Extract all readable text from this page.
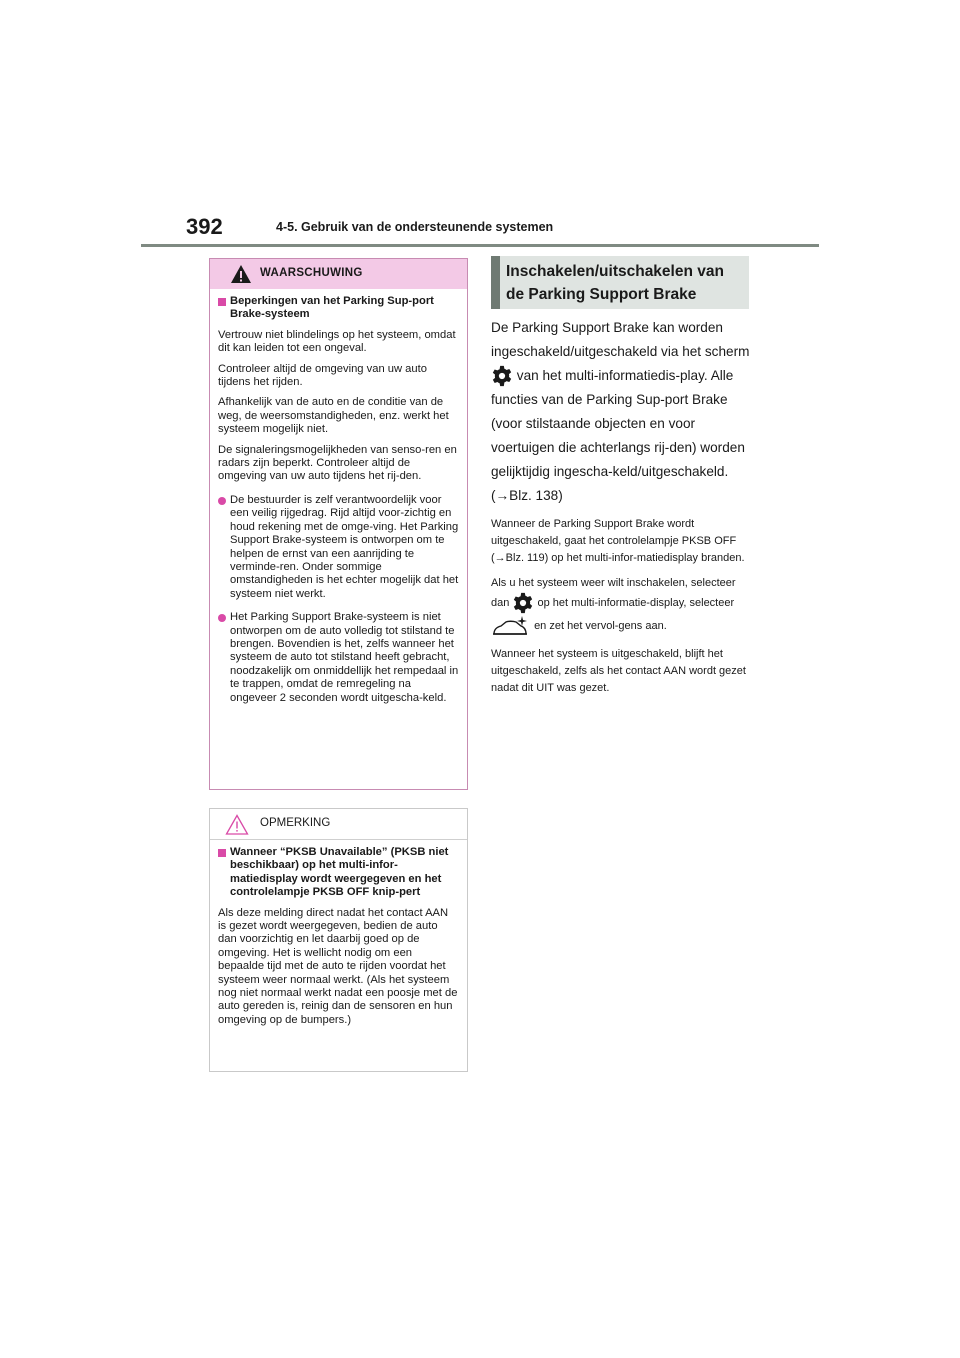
392	4-5. Gebruik van de ondersteunende systemen
WAARSCHUWING
Beperkingen van het Parking Sup-port Brake-systeem

Vertrouw niet blindelings op het systeem, omdat dit kan leiden tot een ongeval.

Controleer altijd de omgeving van uw auto tijdens het rijden.

Afhankelijk van de auto en de conditie van de weg, de weersomstandigheden, enz. werkt het systeem mogelijk niet.

De signaleringsmogelijkheden van senso-ren en radars zijn beperkt. Controleer altijd de omgeving van uw auto tijdens het rij-den.

De bestuurder is zelf verantwoordelijk voor een veilig rijgedrag. Rijd altijd voor-zichtig en houd rekening met de omge-ving. Het Parking Support Brake-systeem is ontworpen om te helpen de ernst van een aanrijding te verminde-ren. Onder sommige omstandigheden is het echter mogelijk dat het systeem niet werkt.
Het Parking Support Brake-systeem is niet ontworpen om de auto volledig tot stilstand te brengen. Bovendien is het, zelfs wanneer het systeem de auto tot stilstand heeft gebracht, noodzakelijk om onmiddellijk het rempedaal in te trappen, omdat de remregeling na ongeveer 2 seconden wordt uitgescha-keld.
OPMERKING
Wanneer “PKSB Unavailable” (PKSB niet beschikbaar) op het multi-infor-matiedisplay wordt weergegeven en het controlelampje PKSB OFF knip-pert

Als deze melding direct nadat het contact AAN is gezet wordt weergegeven, bedien de auto dan voorzichtig en let daarbij goed op de omgeving. Het is wellicht nodig om een bepaalde tijd met de auto te rijden voordat het systeem weer normaal werkt. (Als het systeem nog niet normaal werkt nadat een poosje met de auto gereden is, reinig dan de sensoren en hun omgeving op de bumpers.)

Inschakelen/uitschakelen van de Parking Support Brake

De Parking Support Brake kan worden ingeschakeld/uitgeschakeld via het scherm  van het multi-informatiedis-play. Alle functies van de Parking Sup-port Brake (voor stilstaande objecten en voor voertuigen die achterlangs rij-den) worden gelijktijdig ingescha-keld/uitgeschakeld. (→Blz. 138)

Wanneer de Parking Support Brake wordt uitgeschakeld, gaat het controlelampje PKSB OFF (→Blz. 119) op het multi-infor-matiedisplay branden.

Als u het systeem weer wilt inschakelen, selecteer dan	op het multi-informatie-display, selecteer  en zet het vervol-gens aan.

Wanneer het systeem is uitgeschakeld, blijft het uitgeschakeld, zelfs als het contact AAN wordt gezet nadat dit UIT was gezet.
